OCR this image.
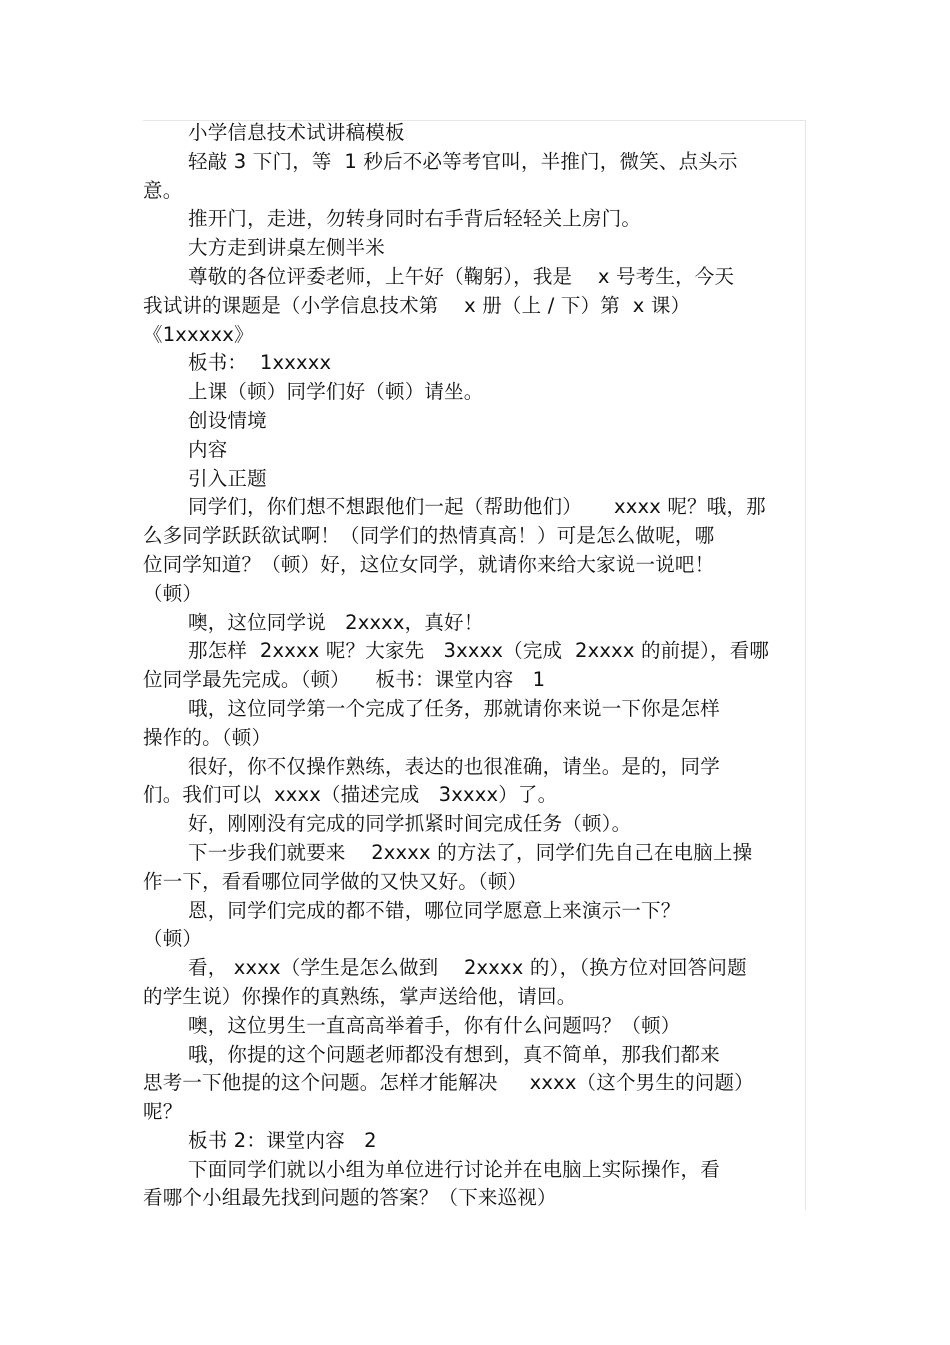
小学信息技术试讲稿模板
轻敲 3 下门，等  1 秒后不必等考官叫，半推门，微笑、点头示
意。
推开门，走进，勿转身同时右手背后轻轻关上房门。
大方走到讲桌左侧半米
尊敬的各位评委老师，上午好（鞠躬），我是    x 号考生，今天
我试讲的课题是（小学信息技术第    x 册（上 / 下）第  x 课）
《1xxxxx》
板书：  1xxxxx
上课（顿）同学们好（顿）请坐。
创设情境
内容
引入正题
同学们，你们想不想跟他们一起（帮助他们）     xxxx 呢？哦，那
么多同学跃跃欲试啊！（同学们的热情真高！）可是怎么做呢，哪
位同学知道？（顿）好，这位女同学，就请你来给大家说一说吧！
（顿）
噢，这位同学说   2xxxx，真好！
那怎样  2xxxx 呢？大家先   3xxxx（完成  2xxxx 的前提），看哪
位同学最先完成。（顿）    板书：课堂内容   1
哦，这位同学第一个完成了任务，那就请你来说一下你是怎样
操作的。（顿）
很好，你不仅操作熟练，表达的也很准确，请坐。是的，同学
们。我们可以  xxxx（描述完成   3xxxx）了。
好，刚刚没有完成的同学抓紧时间完成任务（顿）。
下一步我们就要来    2xxxx 的方法了，同学们先自己在电脑上操
作一下，看看哪位同学做的又快又好。（顿）
恩，同学们完成的都不错，哪位同学愿意上来演示一下？
（顿）
看， xxxx（学生是怎么做到    2xxxx 的），（换方位对回答问题
的学生说）你操作的真熟练，掌声送给他，请回。
噢，这位男生一直高高举着手，你有什么问题吗？（顿）
哦，你提的这个问题老师都没有想到，真不简单，那我们都来
思考一下他提的这个问题。怎样才能解决     xxxx（这个男生的问题）
呢？
板书 2：课堂内容   2
下面同学们就以小组为单位进行讨论并在电脑上实际操作，看
看哪个小组最先找到问题的答案？（下来巡视）
